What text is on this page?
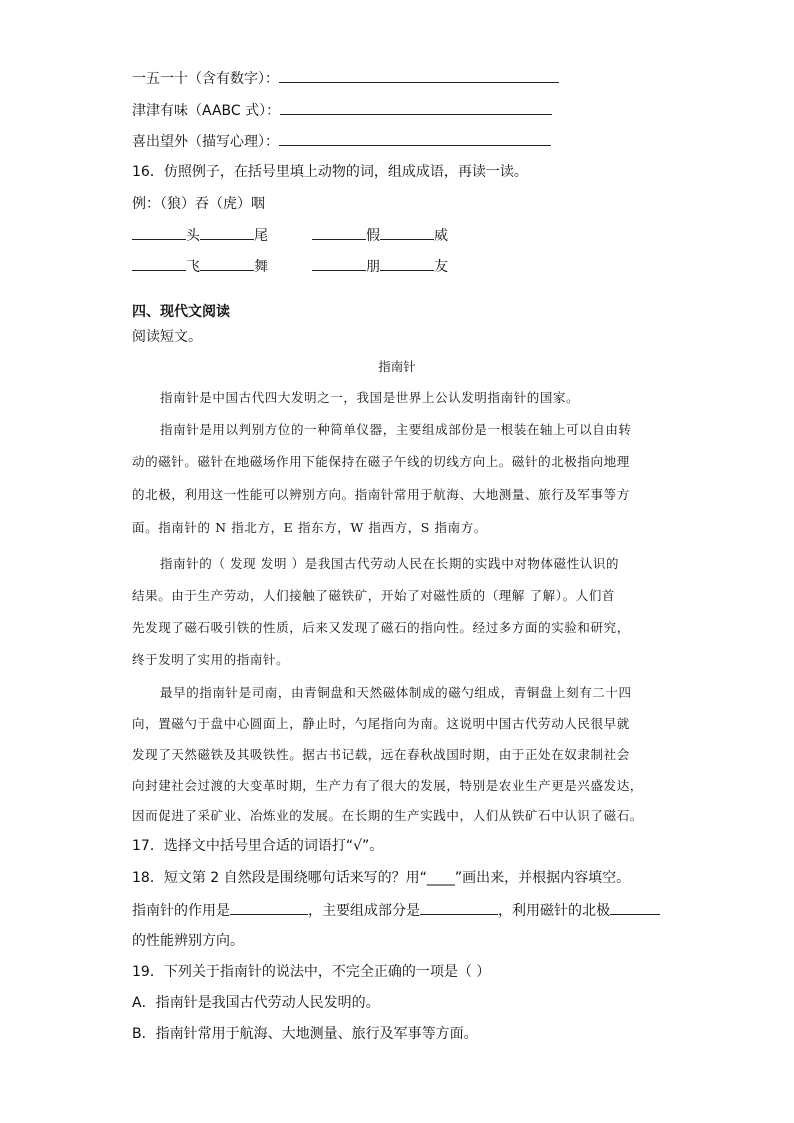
一五一十（含有数字）：
津津有味（AABC 式）：
喜出望外（描写心理）：
16．仿照例子，在括号里填上动物的词，组成成语，再读一读。
例：（狼）吞（虎）咽
头	尾	假	威
飞	舞	朋	友
四、现代文阅读
阅读短文。
指南针
指南针是中国古代四大发明之一，我国是世界上公认发明指南针的国家。
指南针是用以判别方位的一种简单仪器，主要组成部份是一根装在轴上可以自由转
动的磁针。磁针在地磁场作用下能保持在磁子午线的切线方向上。磁针的北极指向地理
的北极，利用这一性能可以辨别方向。指南针常用于航海、大地测量、旅行及军事等方
面。指南针的 N 指北方，E 指东方，W 指西方，S 指南方。
指南针的（ 发现 发明 ）是我国古代劳动人民在长期的实践中对物体磁性认识的
结果。由于生产劳动，人们接触了磁铁矿，开始了对磁性质的（理解 了解）。人们首
先发现了磁石吸引铁的性质，后来又发现了磁石的指向性。经过多方面的实验和研究，
终于发明了实用的指南针。
最早的指南针是司南，由青铜盘和天然磁体制成的磁勺组成，青铜盘上刻有二十四
向，置磁勺于盘中心圆面上，静止时，勺尾指向为南。这说明中国古代劳动人民很早就
发现了天然磁铁及其吸铁性。据古书记载，远在春秋战国时期，由于正处在奴隶制社会
向封建社会过渡的大变革时期，生产力有了很大的发展，特别是农业生产更是兴盛发达，
因而促进了采矿业、冶炼业的发展。在长期的生产实践中，人们从铁矿石中认识了磁石。
17．选择文中括号里合适的词语打“√”。
18．短文第 2 自然段是围绕哪句话来写的？用“____”画出来，并根据内容填空。
指南针的作用是	，主要组成部分是	，利用磁针的北极
的性能辨别方向。
19．下列关于指南针的说法中，不完全正确的一项是（ ）
A．指南针是我国古代劳动人民发明的。
B．指南针常用于航海、大地测量、旅行及军事等方面。
